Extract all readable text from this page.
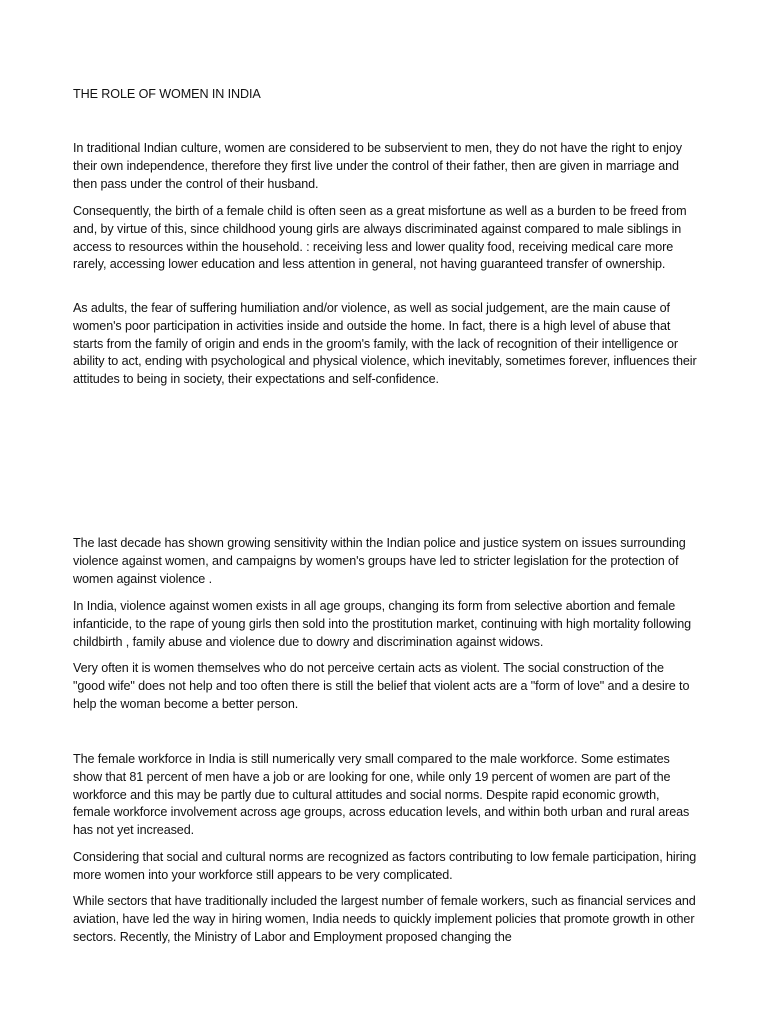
THE ROLE OF WOMEN IN INDIA

In traditional Indian culture, women are considered to be subservient to men, they do not have the right to enjoy their own independence, therefore they first live under the control of their father, then are given in marriage and then pass under the control of their husband.

Consequently, the birth of a female child is often seen as a great misfortune as well as a burden to be freed from and, by virtue of this, since childhood young girls are always discriminated against compared to male siblings in access to resources within the household. : receiving less and lower quality food, receiving medical care more rarely, accessing lower education and less attention in general, not having guaranteed transfer of ownership.

As adults, the fear of suffering humiliation and/or violence, as well as social judgement, are the main cause of women's poor participation in activities inside and outside the home. In fact, there is a high level of abuse that starts from the family of origin and ends in the groom's family, with the lack of recognition of their intelligence or ability to act, ending with psychological and physical violence, which inevitably, sometimes forever, influences their attitudes to being in society, their expectations and self-confidence.

The last decade has shown growing sensitivity within the Indian police and justice system on issues surrounding violence against women, and campaigns by women's groups have led to stricter legislation for the protection of women against violence .

In India, violence against women exists in all age groups, changing its form from selective abortion and female infanticide, to the rape of young girls then sold into the prostitution market, continuing with high mortality following childbirth , family abuse and violence due to dowry and discrimination against widows.

Very often it is women themselves who do not perceive certain acts as violent. The social construction of the "good wife" does not help and too often there is still the belief that violent acts are a "form of love" and a desire to help the woman become a better person.

The female workforce in India is still numerically very small compared to the male workforce. Some estimates show that 81 percent of men have a job or are looking for one, while only 19 percent of women are part of the workforce and this may be partly due to cultural attitudes and social norms. Despite rapid economic growth, female workforce involvement across age groups, across education levels, and within both urban and rural areas has not yet increased.

Considering that social and cultural norms are recognized as factors contributing to low female participation, hiring more women into your workforce still appears to be very complicated.

While sectors that have traditionally included the largest number of female workers, such as financial services and aviation, have led the way in hiring women, India needs to quickly implement policies that promote growth in other sectors. Recently, the Ministry of Labor and Employment proposed changing the
